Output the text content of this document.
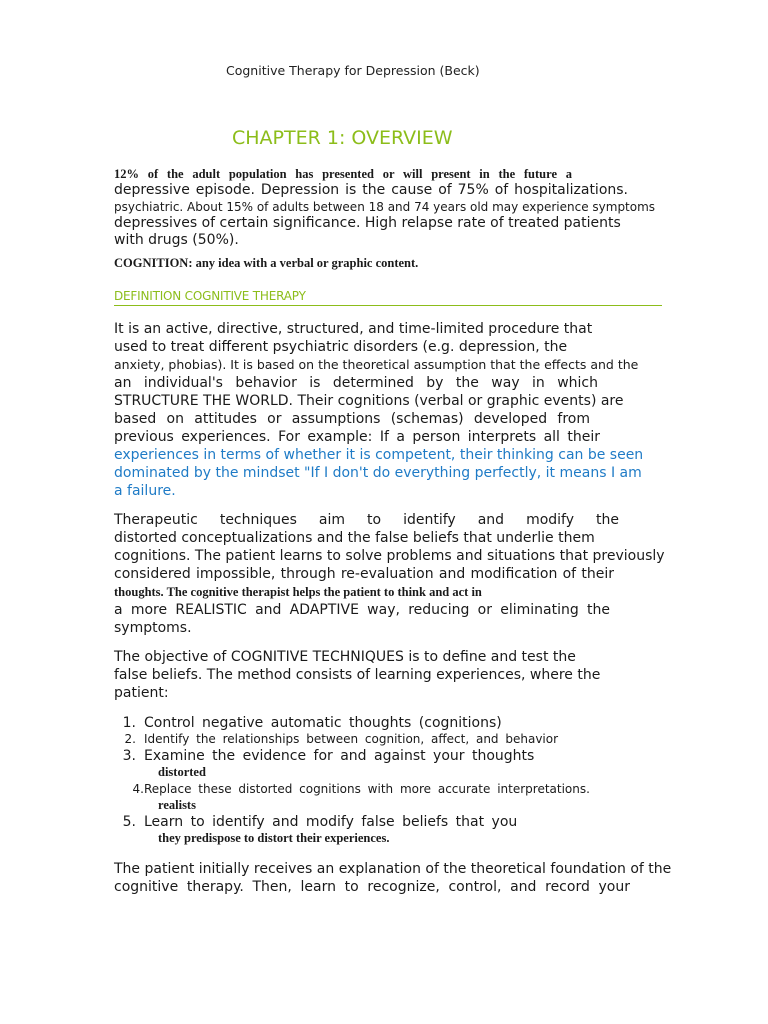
Cognitive Therapy for Depression (Beck)
CHAPTER 1: OVERVIEW
12% of the adult population has presented or will present in the future a
depressive episode. Depression is the cause of 75% of hospitalizations.
psychiatric. About 15% of adults between 18 and 74 years old may experience symptoms
depressives of certain significance. High relapse rate of treated patients
with drugs (50%).
COGNITION: any idea with a verbal or graphic content.
DEFINITION COGNITIVE THERAPY
It is an active, directive, structured, and time-limited procedure that
used to treat different psychiatric disorders (e.g. depression, the
anxiety, phobias). It is based on the theoretical assumption that the effects and the
an individual's behavior is determined by the way in which
STRUCTURE THE WORLD. Their cognitions (verbal or graphic events) are
based on attitudes or assumptions (schemas) developed from
previous experiences. For example: If a person interprets all their
experiences in terms of whether it is competent, their thinking can be seen
dominated by the mindset "If I don't do everything perfectly, it means I am
a failure.
Therapeutic techniques aim to identify and modify the
distorted conceptualizations and the false beliefs that underlie them
cognitions. The patient learns to solve problems and situations that previously
considered impossible, through re-evaluation and modification of their
thoughts. The cognitive therapist helps the patient to think and act in
a more REALISTIC and ADAPTIVE way, reducing or eliminating the
symptoms.
The objective of COGNITIVE TECHNIQUES is to define and test the
false beliefs. The method consists of learning experiences, where the
patient:
1. Control negative automatic thoughts (cognitions)
2. Identify the relationships between cognition, affect, and behavior
3. Examine the evidence for and against your thoughts
distorted
4.Replace these distorted cognitions with more accurate interpretations.
realists
5. Learn to identify and modify false beliefs that you
they predispose to distort their experiences.
The patient initially receives an explanation of the theoretical foundation of the
cognitive therapy. Then, learn to recognize, control, and record your
